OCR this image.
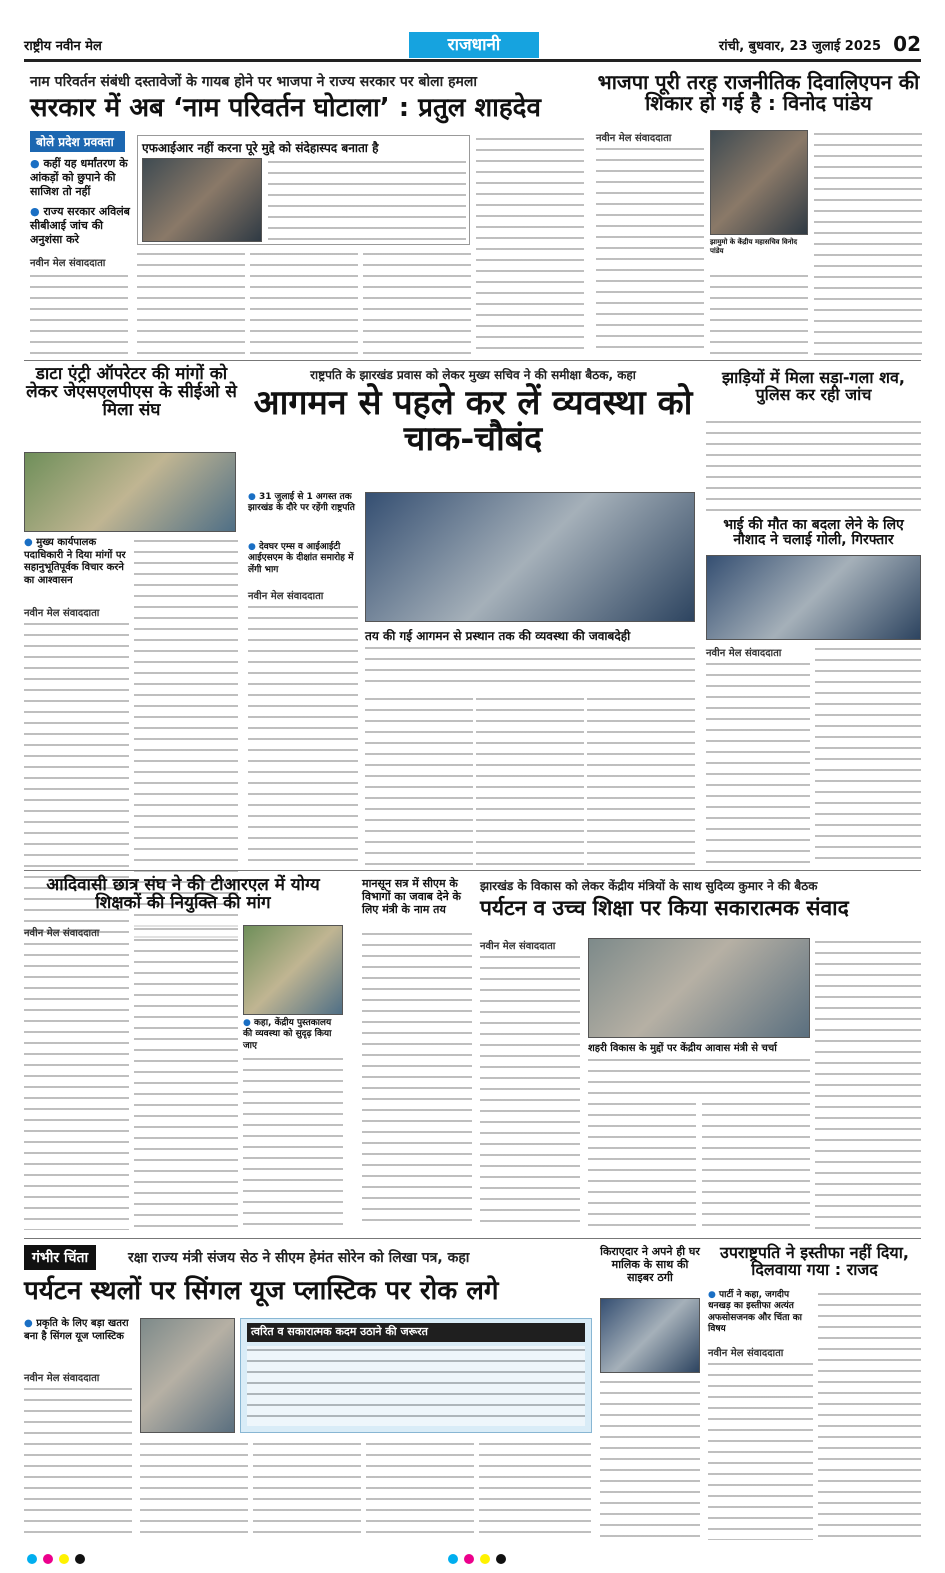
राष्ट्रीय नवीन मेल	राजधानी	रांची, बुधवार, 23 जुलाई 2025 02
नाम परिवर्तन संबंधी दस्तावेजों के गायब होने पर भाजपा ने राज्य सरकार पर बोला हमला
सरकार में अब ‘नाम परिवर्तन घोटाला’ : प्रतुल शाहदेव
बोले प्रदेश प्रवक्ता
● कहीं यह धर्मांतरण के आंकड़ों को छुपाने की साजिश तो नहीं
● राज्य सरकार अविलंब सीबीआई जांच की अनुशंसा करे
नवीन मेल संवाददाता
एफआईआर नहीं करना पूरे मुद्दे को संदेहास्पद बनाता है
भाजपा पूरी तरह राजनीतिक दिवालिएपन की शिकार हो गई है : विनोद पांडेय
नवीन मेल संवाददाता
झामुमो के केंद्रीय महासचिव विनोद पांडेय
डाटा एंट्री ऑपरेटर की मांगों को लेकर जेएसएलपीएस के सीईओ से मिला संघ
● मुख्य कार्यपालक पदाधिकारी ने दिया मांगों पर सहानुभूतिपूर्वक विचार करने का आश्वासन
नवीन मेल संवाददाता
राष्ट्रपति के झारखंड प्रवास को लेकर मुख्य सचिव ने की समीक्षा बैठक, कहा
आगमन से पहले कर लें व्यवस्था को चाक-चौबंद
● 31 जुलाई से 1 अगस्त तक झारखंड के दौरे पर रहेंगी राष्ट्रपति
● देवघर एम्स व आईआईटी आईएसएम के दीक्षांत समारोह में लेंगी भाग
नवीन मेल संवाददाता
तय की गई आगमन से प्रस्थान तक की व्यवस्था की जवाबदेही
झाड़ियों में मिला सड़ा-गला शव, पुलिस कर रही जांच
भाई की मौत का बदला लेने के लिए नौशाद ने चलाई गोली, गिरफ्तार
नवीन मेल संवाददाता
आदिवासी छात्र संघ ने की टीआरएल में योग्य शिक्षकों की नियुक्ति की मांग
नवीन मेल संवाददाता
● कहा, केंद्रीय पुस्तकालय की व्यवस्था को सुदृढ़ किया जाए
मानसून सत्र में सीएम के विभागों का जवाब देने के लिए मंत्री के नाम तय
झारखंड के विकास को लेकर केंद्रीय मंत्रियों के साथ सुदिव्य कुमार ने की बैठक
पर्यटन व उच्च शिक्षा पर किया सकारात्मक संवाद
नवीन मेल संवाददाता
शहरी विकास के मुद्दों पर केंद्रीय आवास मंत्री से चर्चा
गंभीर चिंता	रक्षा राज्य मंत्री संजय सेठ ने सीएम हेमंत सोरेन को लिखा पत्र, कहा
पर्यटन स्थलों पर सिंगल यूज प्लास्टिक पर रोक लगे
● प्रकृति के लिए बड़ा खतरा बना है सिंगल यूज प्लास्टिक
नवीन मेल संवाददाता
त्वरित व सकारात्मक कदम उठाने की जरूरत
किराएदार ने अपने ही घर मालिक के साथ की साइबर ठगी
उपराष्ट्रपति ने इस्तीफा नहीं दिया, दिलवाया गया : राजद
● पार्टी ने कहा, जगदीप धनखड़ का इस्तीफा अत्यंत अफसोसजनक और चिंता का विषय
नवीन मेल संवाददाता
